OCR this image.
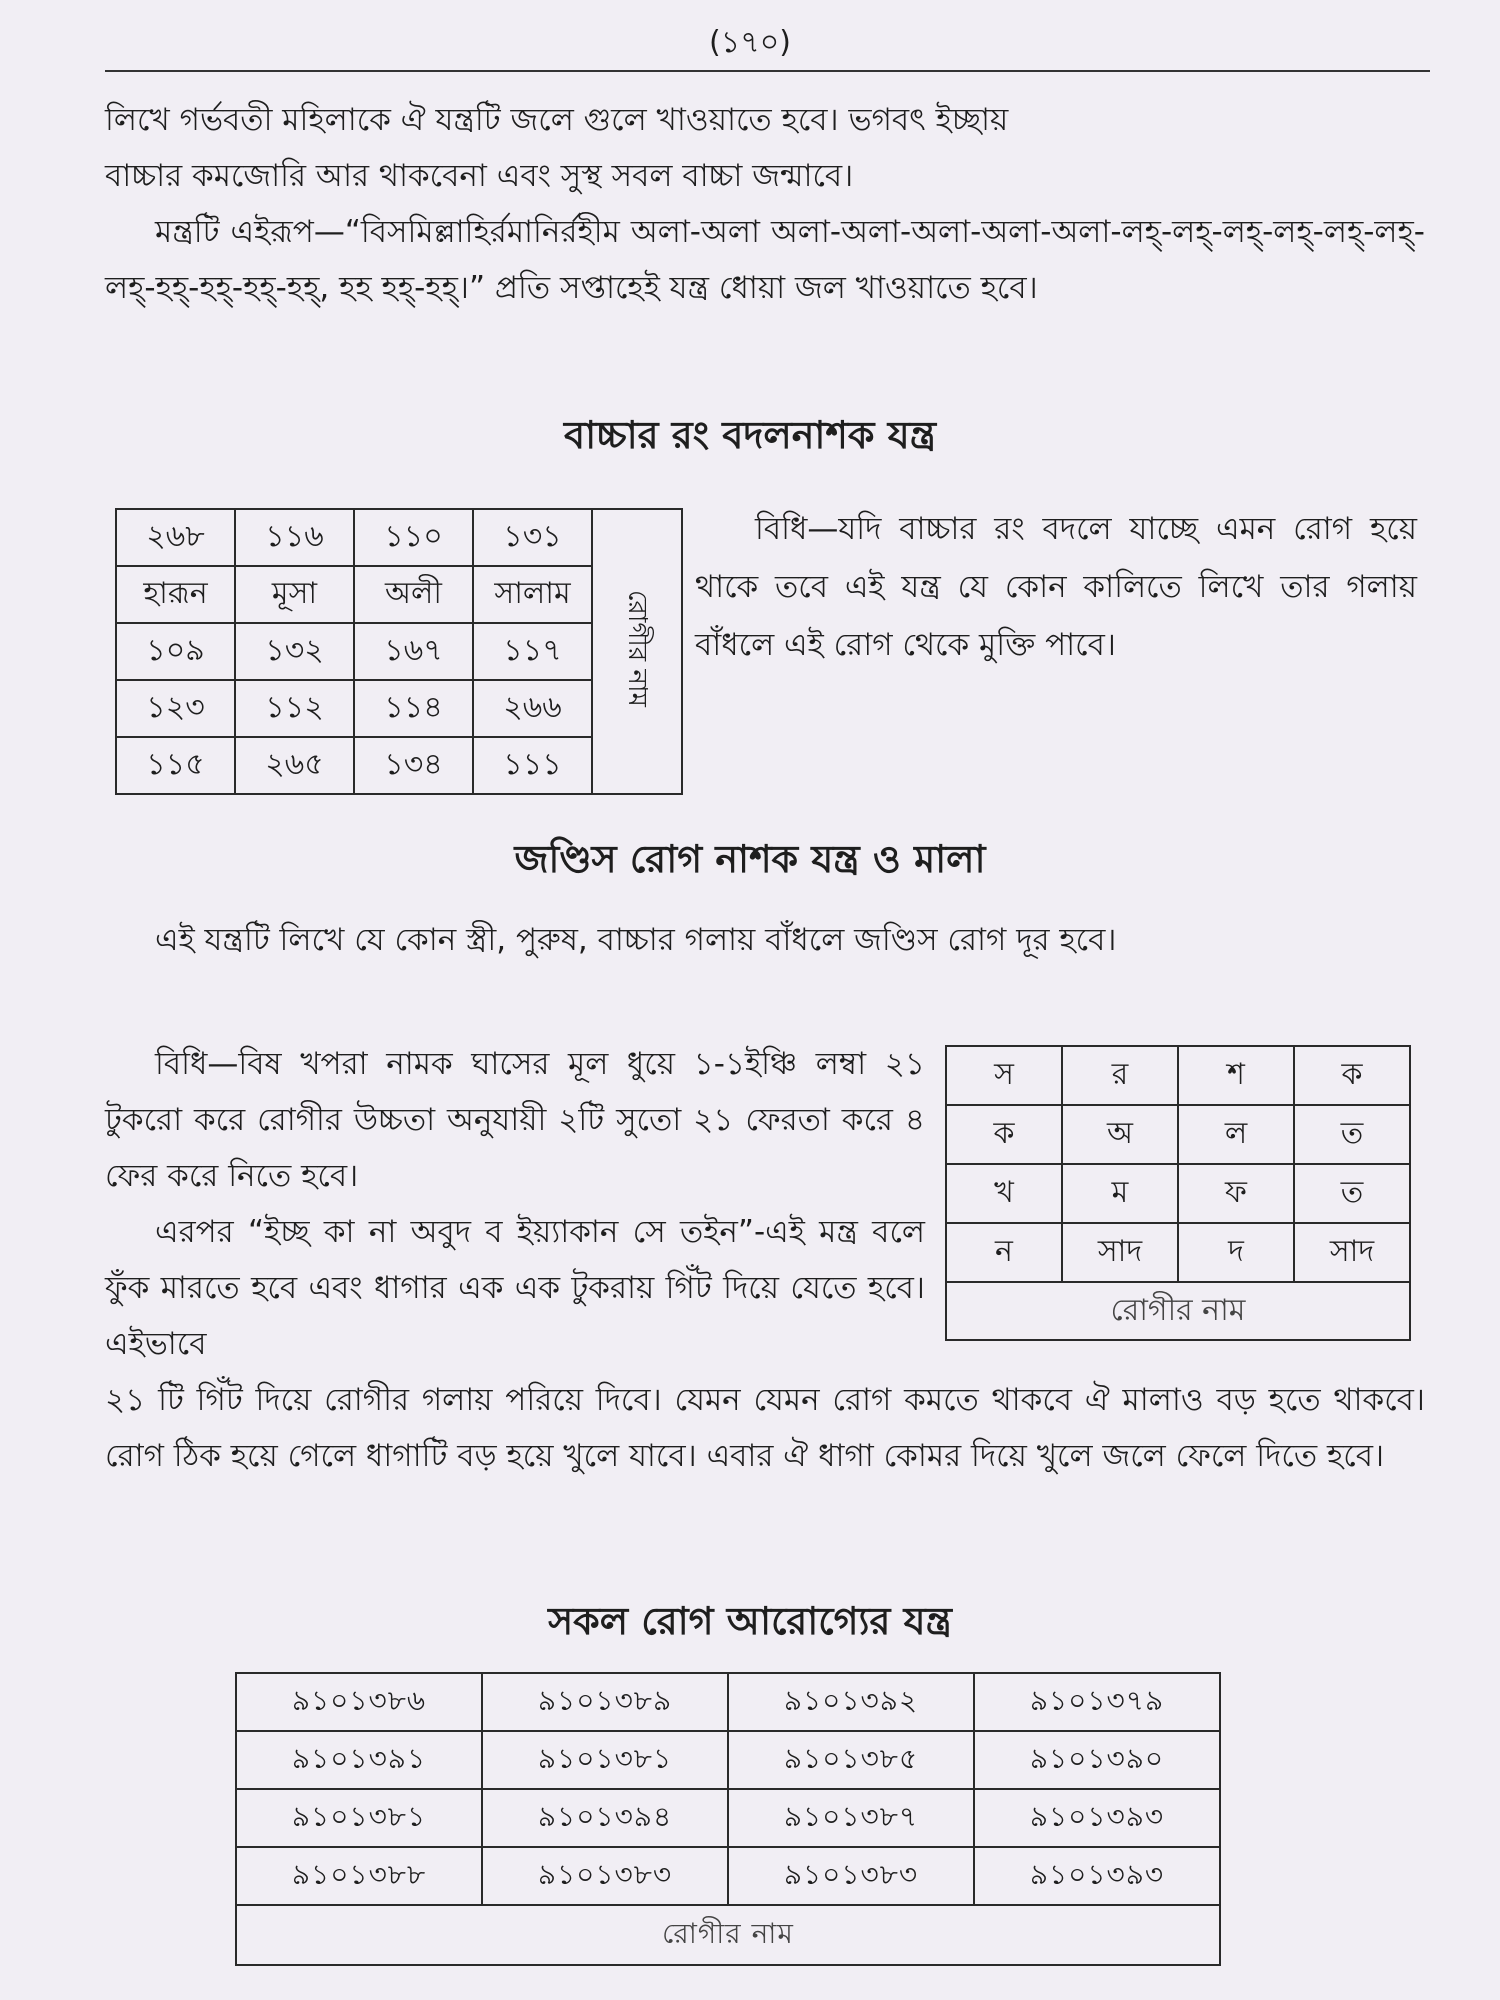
(১৭০)

লিখে গর্ভবতী মহিলাকে ঐ যন্ত্রটি জলে গুলে খাওয়াতে হবে। ভগবৎ ইচ্ছায়

বাচ্চার কমজোরি আর থাকবেনা এবং সুস্থ সবল বাচ্চা জন্মাবে।

মন্ত্রটি এইরূপ—“বিসমিল্লাহির্রমানির্রহীম অলা-অলা অলা-অলা-অলা-অলা-অলা-লহ্-লহ্-লহ্-লহ্-লহ্-লহ্-লহ্-হহ্-হহ্-হহ্-হহ্, হহ হহ্-হহ্।” প্রতি সপ্তাহেই যন্ত্র ধোয়া জল খাওয়াতে হবে।

বাচ্চার রং বদলনাশক যন্ত্র
২৬৮	১১৬	১১০	১৩১	রোগীর নাম
হারূন	মূসা	অলী	সালাম	
১০৯	১৩২	১৬৭	১১৭	
১২৩	১১২	১১৪	২৬৬	
১১৫	২৬৫	১৩৪	১১১	

বিধি—যদি বাচ্চার রং বদলে যাচ্ছে এমন রোগ হয়ে থাকে তবে এই যন্ত্র যে কোন কালিতে লিখে তার গলায় বাঁধলে এই রোগ থেকে মুক্তি পাবে।

জণ্ডিস রোগ নাশক যন্ত্র ও মালা

এই যন্ত্রটি লিখে যে কোন স্ত্রী, পুরুষ, বাচ্চার গলায় বাঁধলে জণ্ডিস রোগ দূর হবে।

বিধি—বিষ খপরা নামক ঘাসের মূল ধুয়ে ১-১ইঞ্চি লম্বা ২১ টুকরো করে রোগীর উচ্চতা অনুযায়ী ২টি সুতো ২১ ফেরতা করে ৪ ফের করে নিতে হবে।

এরপর “ইচ্ছ কা না অবুদ ব ইয়্যাকান সে তইন”-এই মন্ত্র বলে ফুঁক মারতে হবে এবং ধাগার এক এক টুকরায় গিঁট দিয়ে যেতে হবে। এইভাবে

স	র	শ	ক
ক	অ	ল	ত
খ	ম	ফ	ত
ন	সাদ	দ	সাদ
রোগীর নাম			

২১ টি গিঁট দিয়ে রোগীর গলায় পরিয়ে দিবে। যেমন যেমন রোগ কমতে থাকবে ঐ মালাও বড় হতে থাকবে। রোগ ঠিক হয়ে গেলে ধাগাটি বড় হয়ে খুলে যাবে। এবার ঐ ধাগা কোমর দিয়ে খুলে জলে ফেলে দিতে হবে।

সকল রোগ আরোগ্যের যন্ত্র
৯১০১৩৮৬	৯১০১৩৮৯	৯১০১৩৯২	৯১০১৩৭৯
৯১০১৩৯১	৯১০১৩৮১	৯১০১৩৮৫	৯১০১৩৯০
৯১০১৩৮১	৯১০১৩৯৪	৯১০১৩৮৭	৯১০১৩৯৩
৯১০১৩৮৮	৯১০১৩৮৩	৯১০১৩৮৩	৯১০১৩৯৩
রোগীর নাম			
